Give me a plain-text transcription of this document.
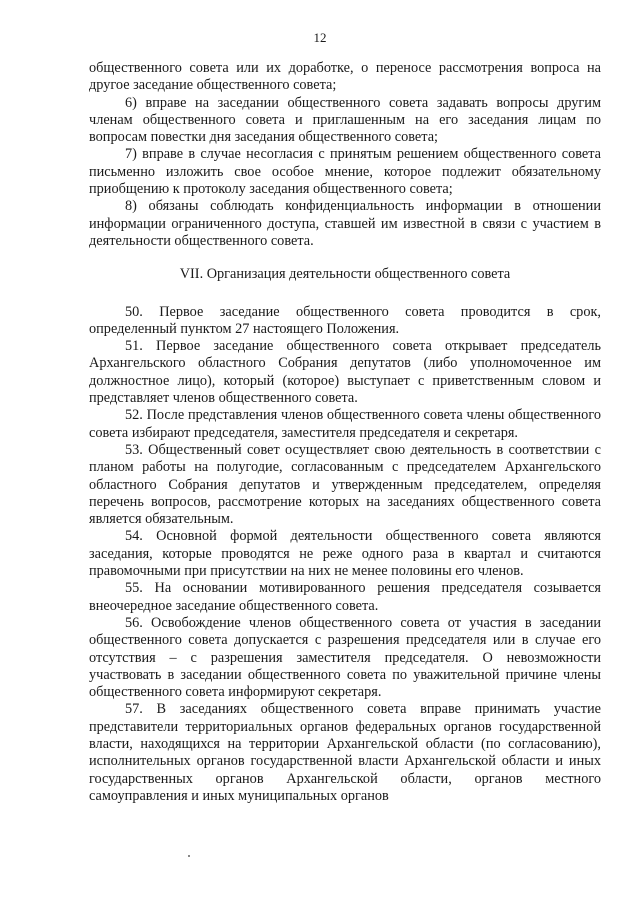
12

общественного совета или их доработке, о переносе рассмотрения вопроса на другое заседание общественного совета;

6) вправе на заседании общественного совета задавать вопросы другим членам общественного совета и приглашенным на его заседания лицам по вопросам повестки дня заседания общественного совета;

7) вправе в случае несогласия с принятым решением общественного совета письменно изложить свое особое мнение, которое подлежит обязательному приобщению к протоколу заседания общественного совета;

8) обязаны соблюдать конфиденциальность информации в отношении информации ограниченного доступа, ставшей им известной в связи с участием в деятельности общественного совета.

VII. Организация деятельности общественного совета

50. Первое заседание общественного совета проводится в срок, определенный пунктом 27 настоящего Положения.

51. Первое заседание общественного совета открывает председатель Архангельского областного Собрания депутатов (либо уполномоченное им должностное лицо), который (которое) выступает с приветственным словом и представляет членов общественного совета.

52. После представления членов общественного совета члены общественного совета избирают председателя, заместителя председателя и секретаря.

53. Общественный совет осуществляет свою деятельность в соответствии с планом работы на полугодие, согласованным с председателем Архангельского областного Собрания депутатов и утвержденным председателем, определяя перечень вопросов, рассмотрение которых на заседаниях общественного совета является обязательным.

54. Основной формой деятельности общественного совета являются заседания, которые проводятся не реже одного раза в квартал и считаются правомочными при присутствии на них не менее половины его членов.

55. На основании мотивированного решения председателя созывается внеочередное заседание общественного совета.

56. Освобождение членов общественного совета от участия в заседании общественного совета допускается с разрешения председателя или в случае его отсутствия – с разрешения заместителя председателя. О невозможности участвовать в заседании общественного совета по уважительной причине члены общественного совета информируют секретаря.

57. В заседаниях общественного совета вправе принимать участие представители территориальных органов федеральных органов государственной власти, находящихся на территории Архангельской области (по согласованию), исполнительных органов государственной власти Архангельской области и иных государственных органов Архангельской области, органов местного самоуправления и иных муниципальных органов
